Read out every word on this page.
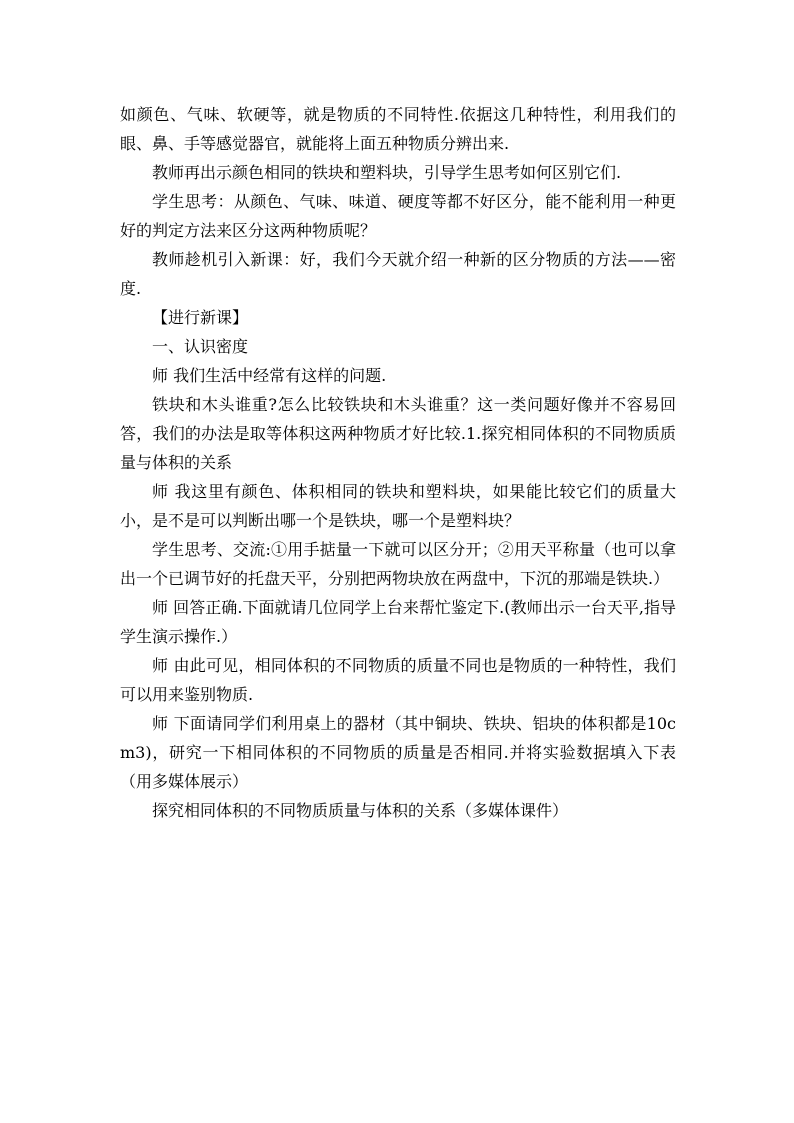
如颜色、气味、软硬等，就是物质的不同特性.依据这几种特性，利用我们的眼、鼻、手等感觉器官，就能将上面五种物质分辨出来.

教师再出示颜色相同的铁块和塑料块，引导学生思考如何区别它们.

学生思考：从颜色、气味、味道、硬度等都不好区分，能不能利用一种更好的判定方法来区分这两种物质呢？

教师趁机引入新课：好，我们今天就介绍一种新的区分物质的方法——密度.

【进行新课】

一、认识密度

师 我们生活中经常有这样的问题.

铁块和木头谁重?怎么比较铁块和木头谁重？这一类问题好像并不容易回答，我们的办法是取等体积这两种物质才好比较.1.探究相同体积的不同物质质量与体积的关系

师 我这里有颜色、体积相同的铁块和塑料块，如果能比较它们的质量大小，是不是可以判断出哪一个是铁块，哪一个是塑料块？

学生思考、交流:①用手掂量一下就可以区分开；②用天平称量（也可以拿出一个已调节好的托盘天平，分别把两物块放在两盘中，下沉的那端是铁块.）

师 回答正确.下面就请几位同学上台来帮忙鉴定下.(教师出示一台天平,指导学生演示操作.）

师 由此可见，相同体积的不同物质的质量不同也是物质的一种特性，我们可以用来鉴别物质.

师 下面请同学们利用桌上的器材（其中铜块、铁块、铝块的体积都是10cm3)，研究一下相同体积的不同物质的质量是否相同.并将实验数据填入下表（用多媒体展示）

探究相同体积的不同物质质量与体积的关系（多媒体课件）
